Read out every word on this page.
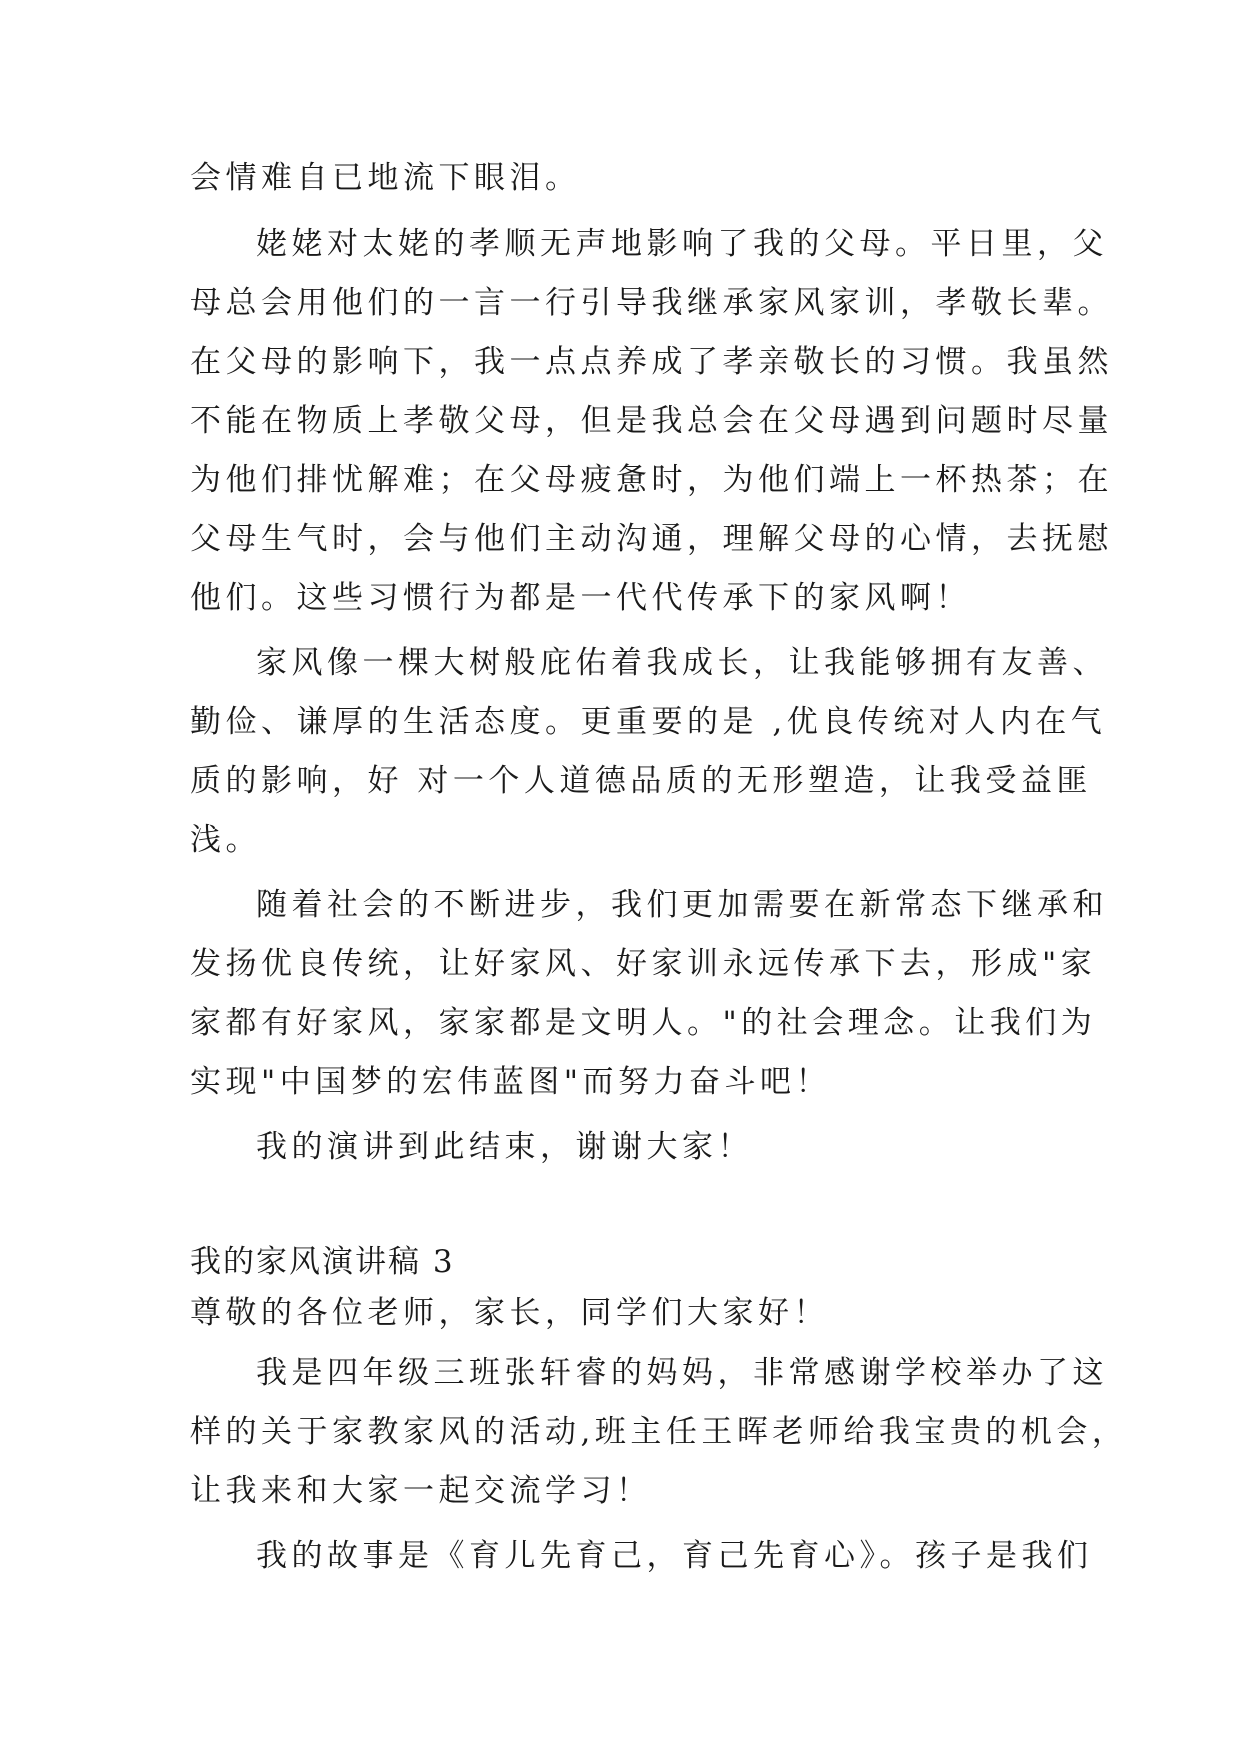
会情难自已地流下眼泪。

姥姥对太姥的孝顺无声地影响了我的父母。平日里，父

母总会用他们的一言一行引导我继承家风家训，孝敬长辈。

在父母的影响下，我一点点养成了孝亲敬长的习惯。我虽然

不能在物质上孝敬父母，但是我总会在父母遇到问题时尽量

为他们排忧解难；在父母疲惫时，为他们端上一杯热茶；在

父母生气时，会与他们主动沟通，理解父母的心情，去抚慰

他们。这些习惯行为都是一代代传承下的家风啊！

家风像一棵大树般庇佑着我成长，让我能够拥有友善、

勤俭、谦厚的生活态度。更重要的是 ,优良传统对人内在气

质的影响，好 对一个人道德品质的无形塑造，让我受益匪

浅。

随着社会的不断进步，我们更加需要在新常态下继承和

发扬优良传统，让好家风、好家训永远传承下去，形成"家

家都有好家风，家家都是文明人。"的社会理念。让我们为

实现"中国梦的宏伟蓝图"而努力奋斗吧！

我的演讲到此结束，谢谢大家！

我的家风演讲稿 3

尊敬的各位老师，家长，同学们大家好！

我是四年级三班张轩睿的妈妈，非常感谢学校举办了这

样的关于家教家风的活动,班主任王晖老师给我宝贵的机会，

让我来和大家一起交流学习！

我的故事是《育儿先育己，育己先育心》。孩子是我们
